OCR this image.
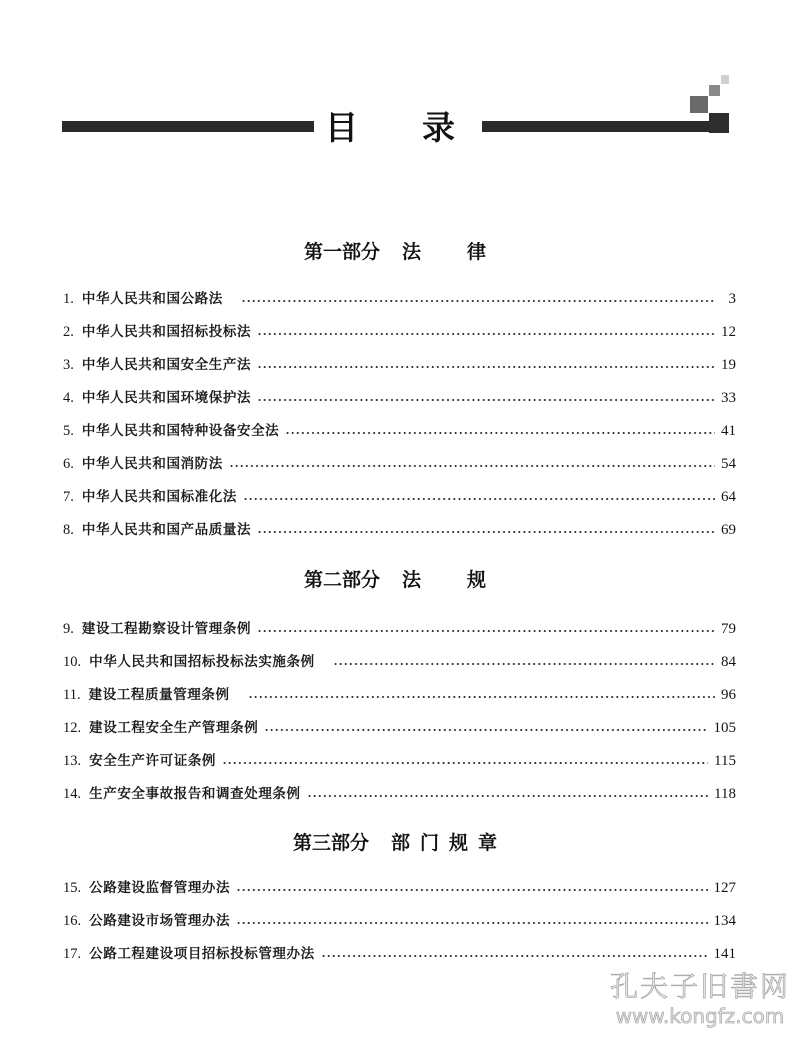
目 录
第一部分 法 律
1. 中华人民共和国公路法	3
2. 中华人民共和国招标投标法	12
3. 中华人民共和国安全生产法	19
4. 中华人民共和国环境保护法	33
5. 中华人民共和国特种设备安全法	41
6. 中华人民共和国消防法	54
7. 中华人民共和国标准化法	64
8. 中华人民共和国产品质量法	69
第二部分 法 规
9. 建设工程勘察设计管理条例	79
10. 中华人民共和国招标投标法实施条例	84
11. 建设工程质量管理条例	96
12. 建设工程安全生产管理条例	105
13. 安全生产许可证条例	115
14. 生产安全事故报告和调查处理条例	118
第三部分 部 门 规 章
15. 公路建设监督管理办法	127
16. 公路建设市场管理办法	134
17. 公路工程建设项目招标投标管理办法	141
孔夫子旧書网
www.kongfz.com
